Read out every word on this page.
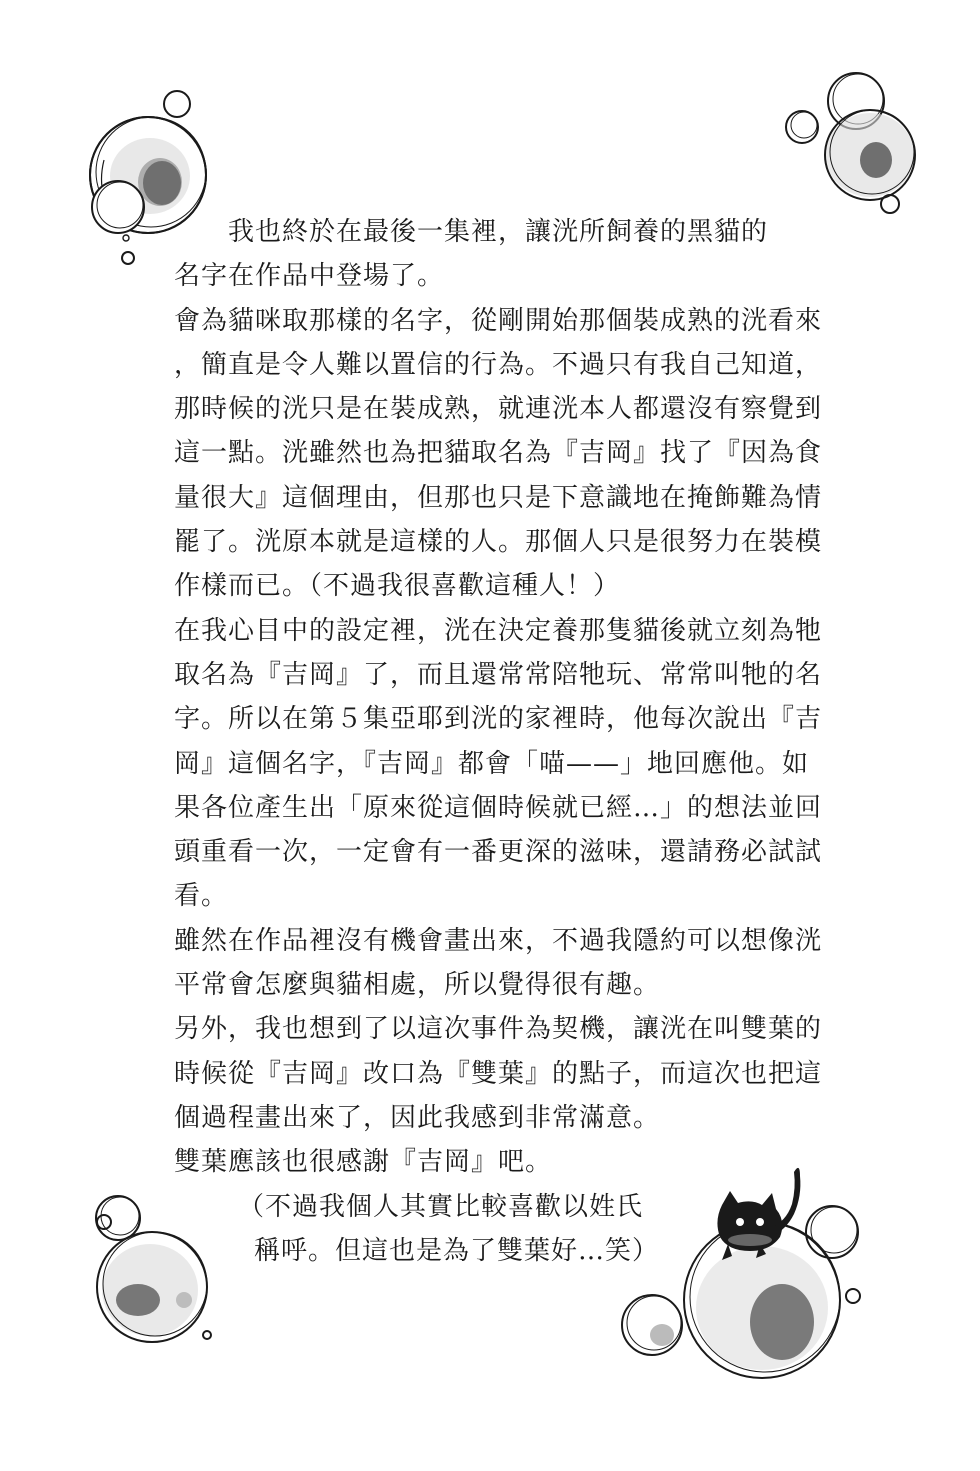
我也終於在最後一集裡，讓洸所飼養的黑貓的
名字在作品中登場了。
會為貓咪取那樣的名字，從剛開始那個裝成熟的洸看來
，簡直是令人難以置信的行為。不過只有我自己知道，
那時候的洸只是在裝成熟，就連洸本人都還沒有察覺到
這一點。洸雖然也為把貓取名為『吉岡』找了『因為食
量很大』這個理由，但那也只是下意識地在掩飾難為情
罷了。洸原本就是這樣的人。那個人只是很努力在裝模
作樣而已。（不過我很喜歡這種人！）
在我心目中的設定裡，洸在決定養那隻貓後就立刻為牠
取名為『吉岡』了，而且還常常陪牠玩、常常叫牠的名
字。所以在第５集亞耶到洸的家裡時，他每次說出『吉
岡』這個名字，『吉岡』都會「喵——」地回應他。如
果各位產生出「原來從這個時候就已經…」的想法並回
頭重看一次，一定會有一番更深的滋味，還請務必試試
看。
雖然在作品裡沒有機會畫出來，不過我隱約可以想像洸
平常會怎麼與貓相處，所以覺得很有趣。
另外，我也想到了以這次事件為契機，讓洸在叫雙葉的
時候從『吉岡』改口為『雙葉』的點子，而這次也把這
個過程畫出來了，因此我感到非常滿意。
雙葉應該也很感謝『吉岡』吧。
（不過我個人其實比較喜歡以姓氏
稱呼。但這也是為了雙葉好…笑）
